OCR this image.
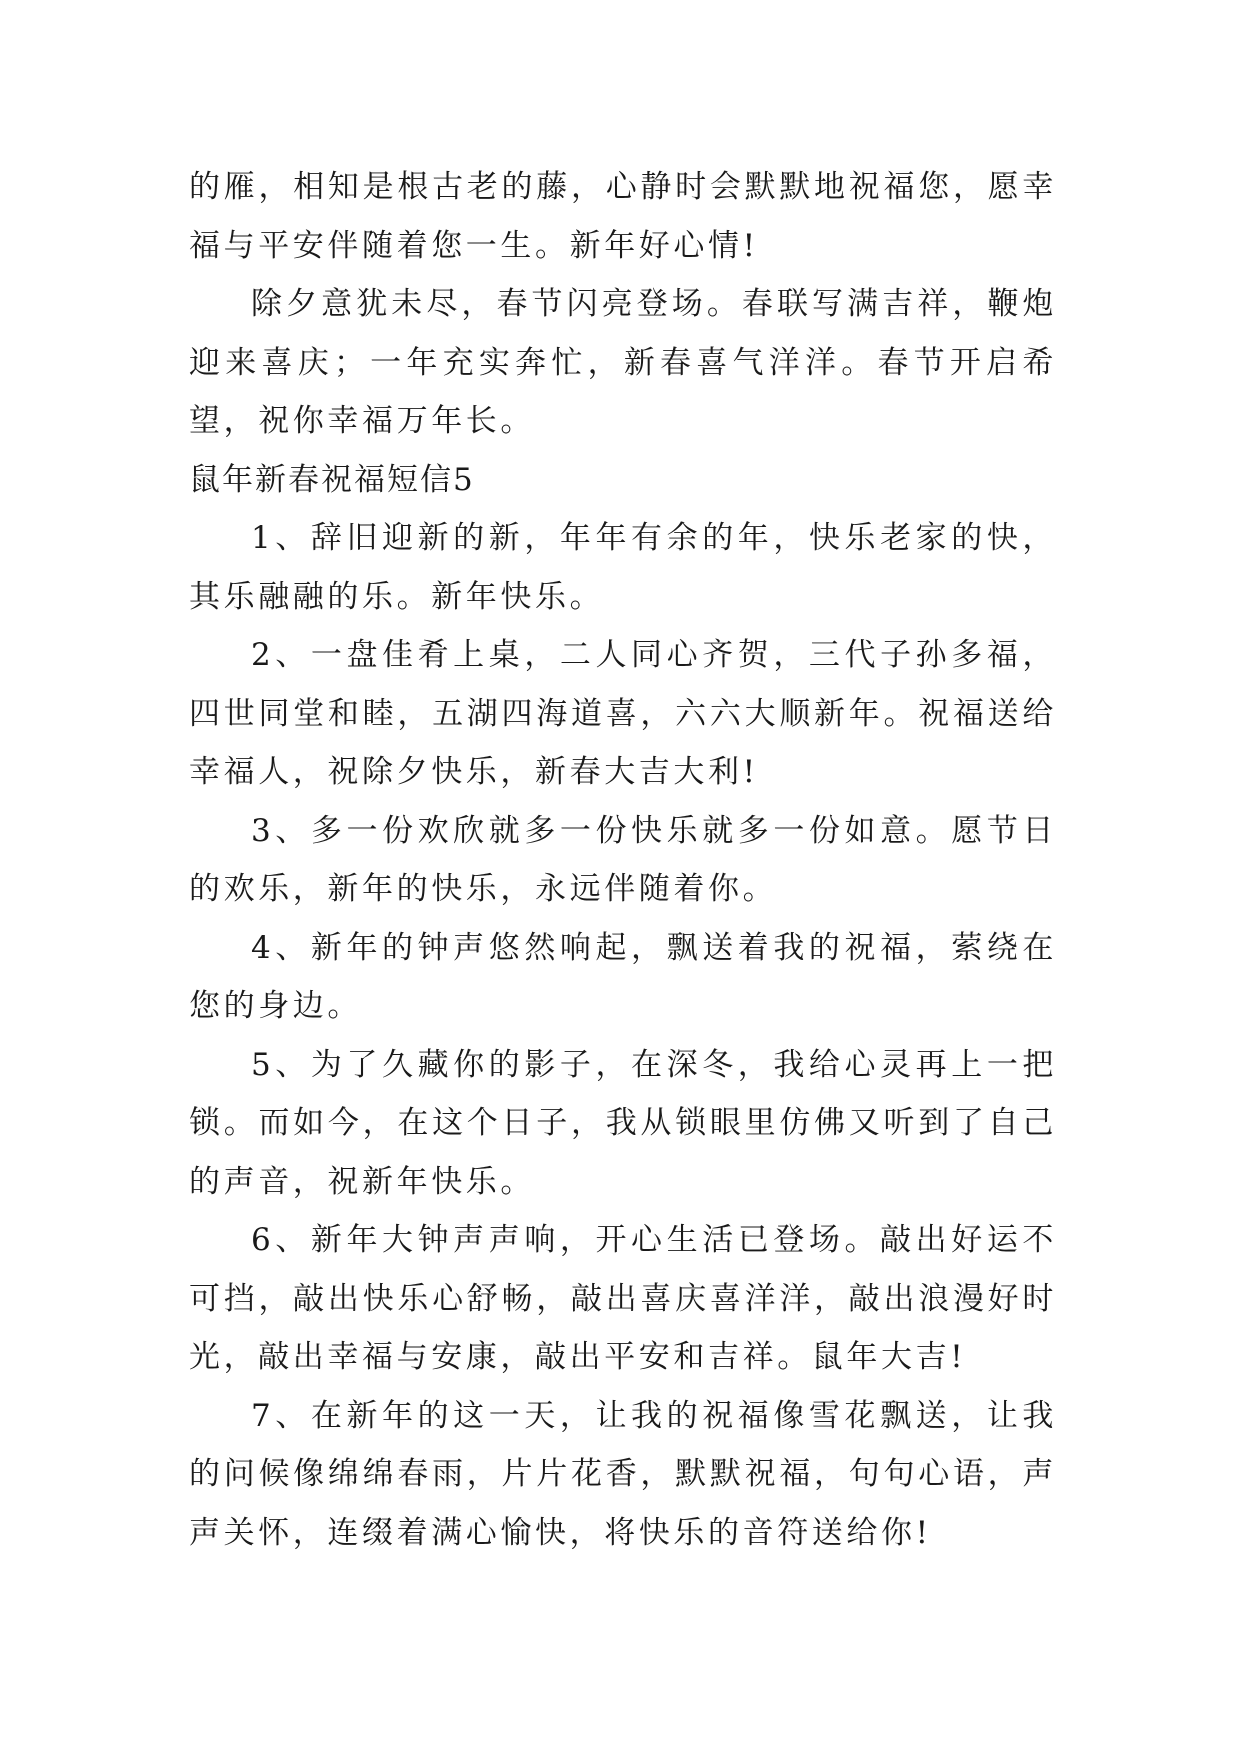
的雁，相知是根古老的藤，心静时会默默地祝福您，愿幸福与平安伴随着您一生。新年好心情!

除夕意犹未尽，春节闪亮登场。春联写满吉祥，鞭炮迎来喜庆；一年充实奔忙，新春喜气洋洋。春节开启希望，祝你幸福万年长。

鼠年新春祝福短信5

1、辞旧迎新的新，年年有余的年，快乐老家的快，其乐融融的乐。新年快乐。

2、一盘佳肴上桌，二人同心齐贺，三代子孙多福，四世同堂和睦，五湖四海道喜，六六大顺新年。祝福送给幸福人，祝除夕快乐，新春大吉大利!

3、多一份欢欣就多一份快乐就多一份如意。愿节日的欢乐，新年的快乐，永远伴随着你。

4、新年的钟声悠然响起，飘送着我的祝福，萦绕在您的身边。

5、为了久藏你的影子，在深冬，我给心灵再上一把锁。而如今，在这个日子，我从锁眼里仿佛又听到了自己的声音，祝新年快乐。

6、新年大钟声声响，开心生活已登场。敲出好运不可挡，敲出快乐心舒畅，敲出喜庆喜洋洋，敲出浪漫好时光，敲出幸福与安康，敲出平安和吉祥。鼠年大吉!

7、在新年的这一天，让我的祝福像雪花飘送，让我的问候像绵绵春雨，片片花香，默默祝福，句句心语，声声关怀，连缀着满心愉快，将快乐的音符送给你!
